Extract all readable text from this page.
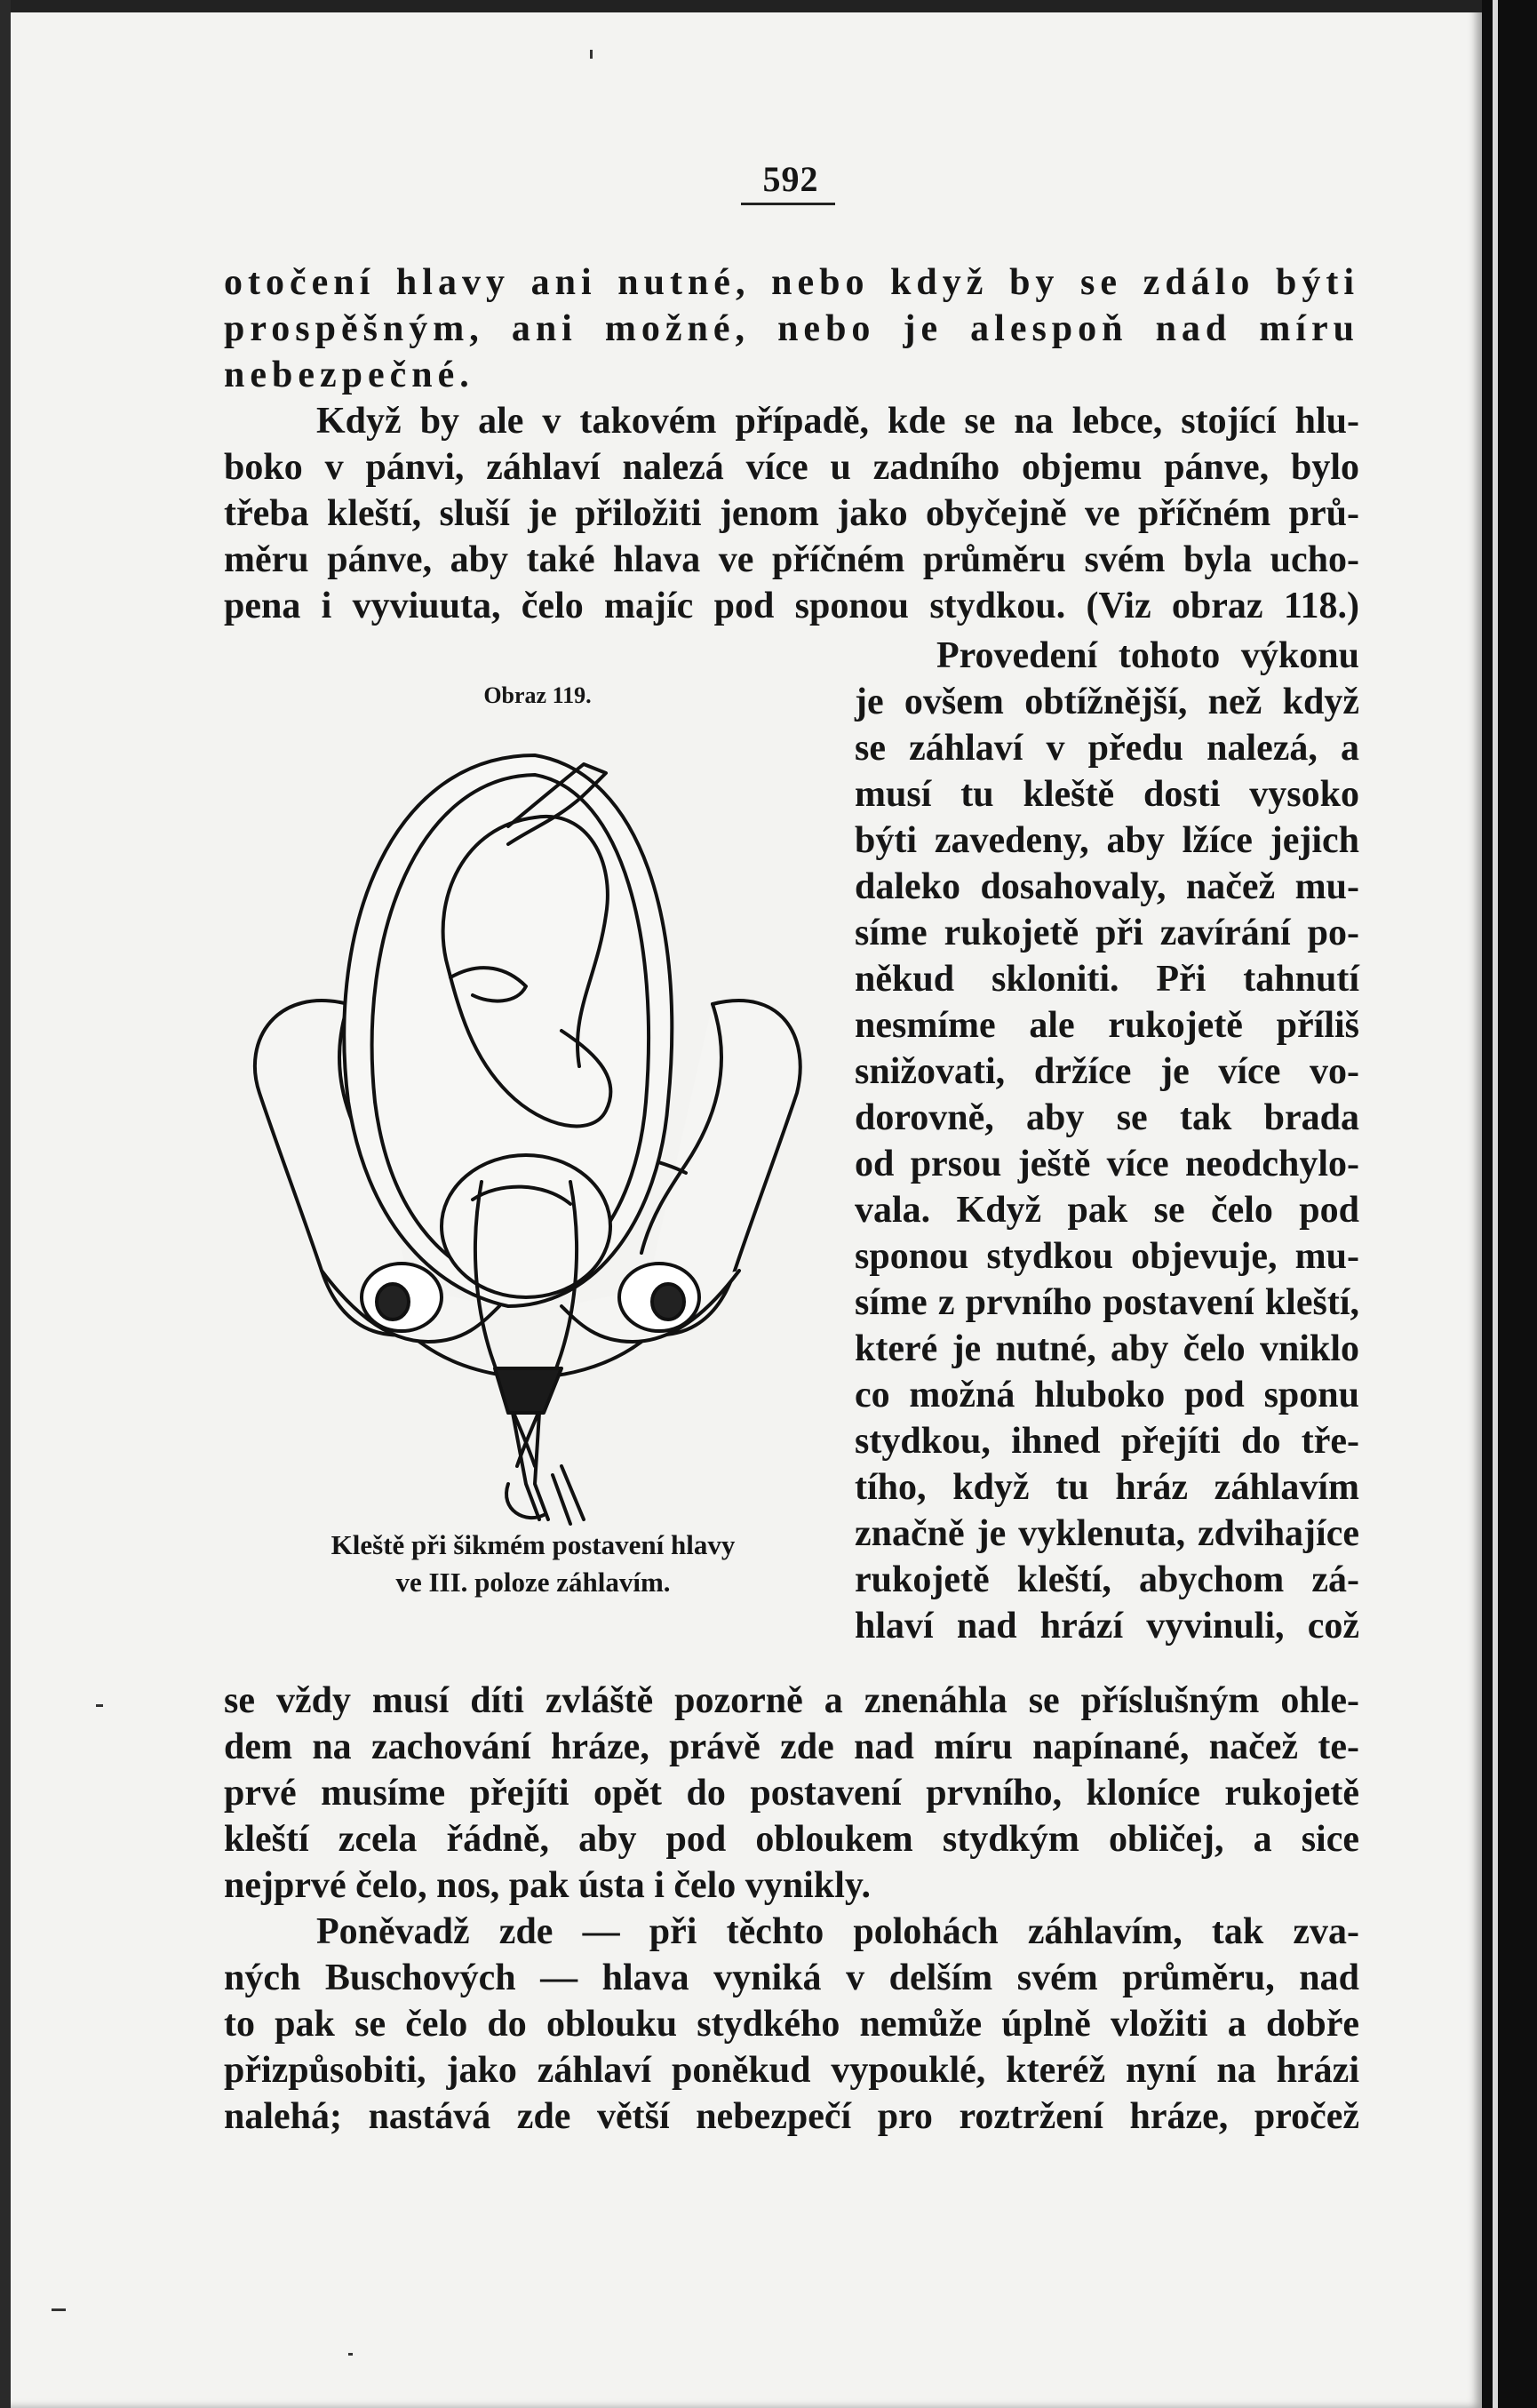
592
otočení hlavy ani nutné, nebo když by se zdálo býti
prospěšným, ani možné, nebo je alespoň nad míru
nebezpečné.
Když by ale v takovém případě, kde se na lebce, stojící hlu-
boko v pánvi, záhlaví nalezá více u zadního objemu pánve, bylo
třeba kleští, sluší je přiložiti jenom jako obyčejně ve příčném prů-
měru pánve, aby také hlava ve příčném průměru svém byla ucho-
pena i vyviuuta, čelo majíc pod sponou stydkou. (Viz obraz 118.)
Obraz 119.
Kleště při šikmém postavení hlavy
ve III. poloze záhlavím.
Provedení tohoto výkonu
je ovšem obtížnější, než když
se záhlaví v předu nalezá, a
musí tu kleště dosti vysoko
býti zavedeny, aby lžíce jejich
daleko dosahovaly, načež mu-
síme rukojetě při zavírání po-
někud skloniti. Při tahnutí
nesmíme ale rukojetě příliš
snižovati, držíce je více vo-
dorovně, aby se tak brada
od prsou ještě více neodchylo-
vala. Když pak se čelo pod
sponou stydkou objevuje, mu-
síme z prvního postavení kleští,
které je nutné, aby čelo vniklo
co možná hluboko pod sponu
stydkou, ihned přejíti do tře-
tího, když tu hráz záhlavím
značně je vyklenuta, zdvihajíce
rukojetě kleští, abychom zá-
hlaví nad hrází vyvinuli, což
se vždy musí díti zvláště pozorně a znenáhla se příslušným ohle-
dem na zachování hráze, právě zde nad míru napínané, načež te-
prvé musíme přejíti opět do postavení prvního, kloníce rukojetě
kleští zcela řádně, aby pod obloukem stydkým obličej, a sice
nejprvé čelo, nos, pak ústa i čelo vynikly.
Poněvadž zde — při těchto polohách záhlavím, tak zva-
ných Buschových — hlava vyniká v delším svém průměru, nad
to pak se čelo do oblouku stydkého nemůže úplně vložiti a dobře
přizpůsobiti, jako záhlaví poněkud vypouklé, kteréž nyní na hrázi
nalehá; nastává zde větší nebezpečí pro roztržení hráze, pročež
